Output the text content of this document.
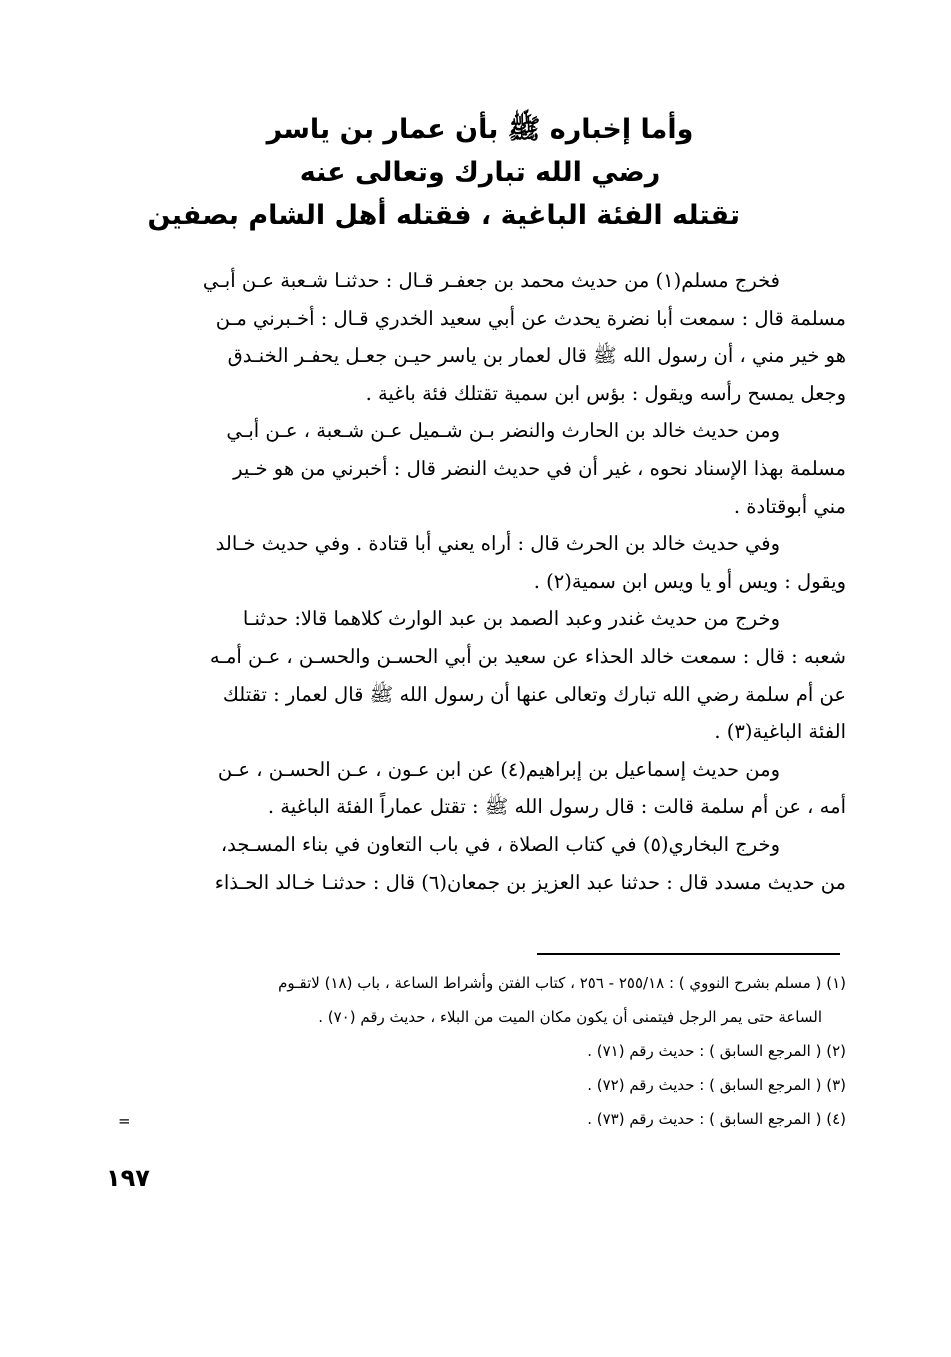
وأما إخباره ﷺ بأن عمار بن ياسر
رضي الله تبارك وتعالى عنه
تقتله الفئة الباغية ، فقتله أهل الشام بصفين
فخرج مسلم(١) من حديث محمد بن جعفـر قـال : حدثنـا شـعبة عـن أبـي
مسلمة قال : سمعت أبا نضرة يحدث عن أبي سعيد الخدري قـال : أخـبرني مـن
هو خير مني ، أن رسول الله ﷺ قال لعمار بن ياسر حيـن جعـل يحفـر الخنـدق
وجعل يمسح رأسه ويقول : بؤس ابن سمية تقتلك فئة باغية .
ومن حديث خالد بن الحارث والنضر بـن شـميل عـن شـعبة ، عـن أبـي
مسلمة بهذا الإسناد نحوه ، غير أن في حديث النضر قال : أخبرني من هو خـير
مني أبوقتادة .
وفي حديث خالد بن الحرث قال : أراه يعني أبا قتادة . وفي حديث خـالد
ويقول : ويس أو يا ويس ابن سمية(٢) .
وخرج من حديث غندر وعبد الصمد بن عبد الوارث كلاهما قالا: حدثنـا
شعبه : قال : سمعت خالد الحذاء عن سعيد بن أبي الحسـن والحسـن ، عـن أمـه
عن أم سلمة رضي الله تبارك وتعالى عنها أن رسول الله ﷺ قال لعمار : تقتلك
الفئة الباغية(٣) .
ومن حديث إسماعيل بن إبراهيم(٤) عن ابن عـون ، عـن الحسـن ، عـن
أمه ، عن أم سلمة قالت : قال رسول الله ﷺ : تقتل عماراً الفئة الباغية .
وخرج البخاري(٥) في كتاب الصلاة ، في باب التعاون في بناء المسـجد،
من حديث مسدد قال : حدثنا عبد العزيز بن جمعان(٦) قال : حدثنـا خـالد الحـذاء
(١) ( مسلم بشرح النووي ) : ٢٥٥/١٨ - ٢٥٦ ، كتاب الفتن وأشراط الساعة ، باب (١٨) لاتقـوم
الساعة حتى يمر الرجل فيتمنى أن يكون مكان الميت من البلاء ، حديث رقم (٧٠) .
(٢) ( المرجع السابق ) : حديث رقم (٧١) .
(٣) ( المرجع السابق ) : حديث رقم (٧٢) .
(٤) ( المرجع السابق ) : حديث رقم (٧٣) .
=
١٩٧
